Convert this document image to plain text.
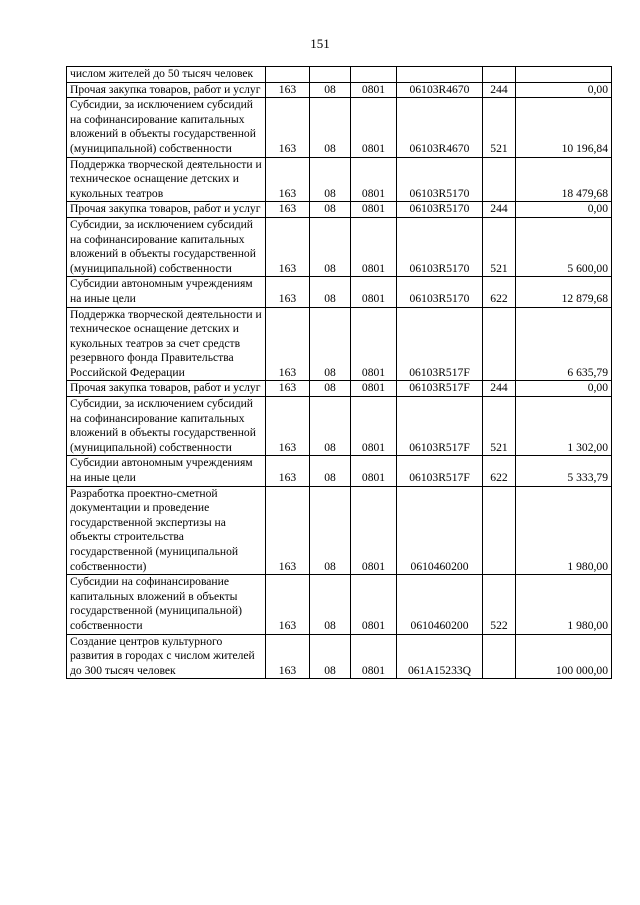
151
числом жителей до 50 тысяч человек						
Прочая закупка товаров, работ и услуг	163	08	0801	06103R4670	244	0,00
Субсидии, за исключением субсидий на софинансирование капитальных вложений в объекты государственной (муниципальной) собственности	163	08	0801	06103R4670	521	10 196,84
Поддержка творческой деятельности и техническое оснащение детских и кукольных театров	163	08	0801	06103R5170		18 479,68
Прочая закупка товаров, работ и услуг	163	08	0801	06103R5170	244	0,00
Субсидии, за исключением субсидий на софинансирование капитальных вложений в объекты государственной (муниципальной) собственности	163	08	0801	06103R5170	521	5 600,00
Субсидии автономным учреждениям на иные цели	163	08	0801	06103R5170	622	12 879,68
Поддержка творческой деятельности и техническое оснащение детских и кукольных театров за счет средств резервного фонда Правительства Российской Федерации	163	08	0801	06103R517F		6 635,79
Прочая закупка товаров, работ и услуг	163	08	0801	06103R517F	244	0,00
Субсидии, за исключением субсидий на софинансирование капитальных вложений в объекты государственной (муниципальной) собственности	163	08	0801	06103R517F	521	1 302,00
Субсидии автономным учреждениям на иные цели	163	08	0801	06103R517F	622	5 333,79
Разработка проектно-сметной документации и проведение государственной экспертизы на объекты строительства государственной (муниципальной собственности)	163	08	0801	0610460200		1 980,00
Субсидии на софинансирование капитальных вложений в объекты государственной (муниципальной) собственности	163	08	0801	0610460200	522	1 980,00
Создание центров культурного развития в городах с числом жителей до 300 тысяч человек	163	08	0801	061A15233Q		100 000,00
